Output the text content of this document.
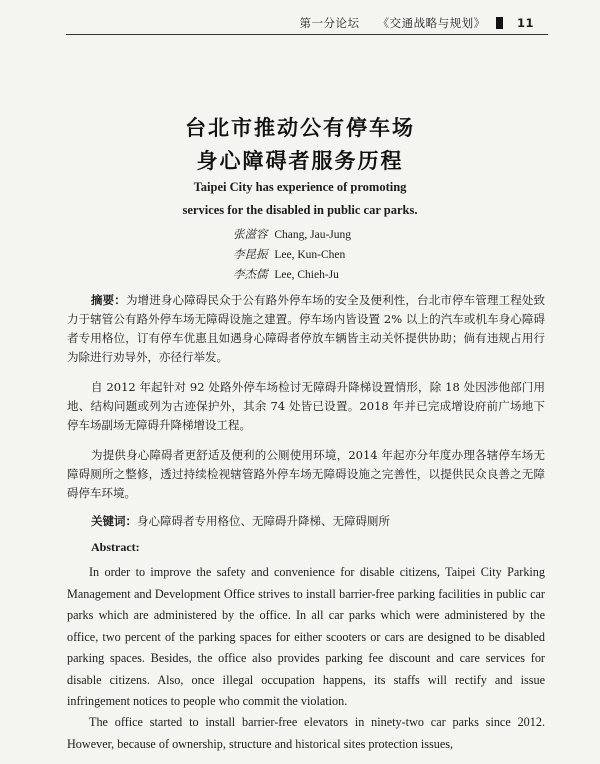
第一分论坛 《交通战略与规划》	11
台北市推动公有停车场
身心障碍者服务历程
Taipei City has experience of promoting
services for the disabled in public car parks.
张滋容 Chang, Jau-Jung
李昆振 Lee, Kun-Chen
李杰儒 Lee, Chieh-Ju
摘要：为增进身心障碍民众于公有路外停车场的安全及便利性，台北市停车管理工程处致力于辖管公有路外停车场无障碍设施之建置。停车场内皆设置 2% 以上的汽车或机车身心障碍者专用格位，订有停车优惠且如遇身心障碍者停放车辆皆主动关怀提供协助；倘有违规占用行为除进行劝导外，亦径行举发。
自 2012 年起针对 92 处路外停车场检讨无障碍升降梯设置情形，除 18 处因涉他部门用地、结构问题或列为古迹保护外，其余 74 处皆已设置。2018 年并已完成增设府前广场地下停车场副场无障碍升降梯增设工程。
为提供身心障碍者更舒适及便利的公厕使用环境，2014 年起亦分年度办理各辖停车场无障碍厕所之整修，透过持续检视辖管路外停车场无障碍设施之完善性，以提供民众良善之无障碍停车环境。
关键词：身心障碍者专用格位、无障碍升降梯、无障碍厕所
Abstract:
In order to improve the safety and convenience for disable citizens, Taipei City Parking Management and Development Office strives to install barrier-free parking facilities in public car parks which are administered by the office. In all car parks which were administered by the office, two percent of the parking spaces for either scooters or cars are designed to be disabled parking spaces. Besides, the office also provides parking fee discount and care services for disable citizens. Also, once illegal occupation happens, its staffs will rectify and issue infringement notices to people who commit the violation.
The office started to install barrier-free elevators in ninety-two car parks since 2012. However, because of ownership, structure and historical sites protection issues,
